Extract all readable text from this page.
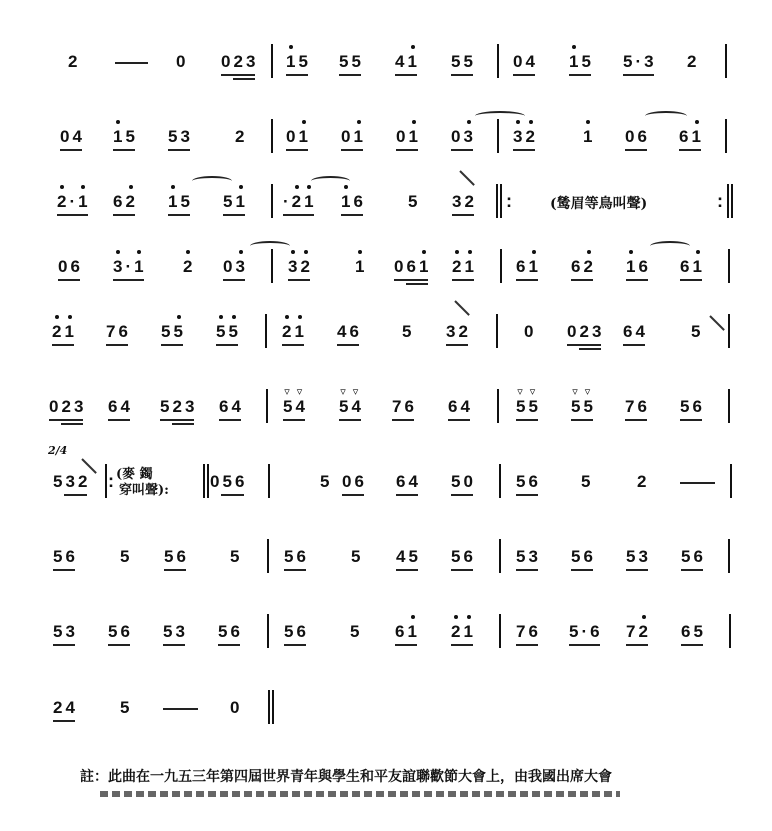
2	0 023 15 55 41 55 04 15 5·3 2
04 15 53 2 01 01 01 03 32	1 06 61
2·1 62 15 51 ·21 16 5 32 :	(鸶眉等鳥叫聲)	:
06 3·1 2 03 32 1 061 21 61 62 16 61
21 76 55 55 21 46 5 32	0 023 64	5
023 64 523 64 ▿ 5▿ 4 ▿ 5▿ 4 76 64	▿ 5▿ 5 ▿ 5▿ 5 76 56
532 :	5 06 64 50 56 5	2
056
(麥 鐲
穿叫聲):
2/4
56 5 56 5 56 5 45 56 53 56 53 56
53 56 53 56 56 5 61 21 76 5·6 72 65
24 5	0
註：此曲在一九五三年第四屆世界青年與學生和平友誼聯歡節大會上，由我國出席大會
